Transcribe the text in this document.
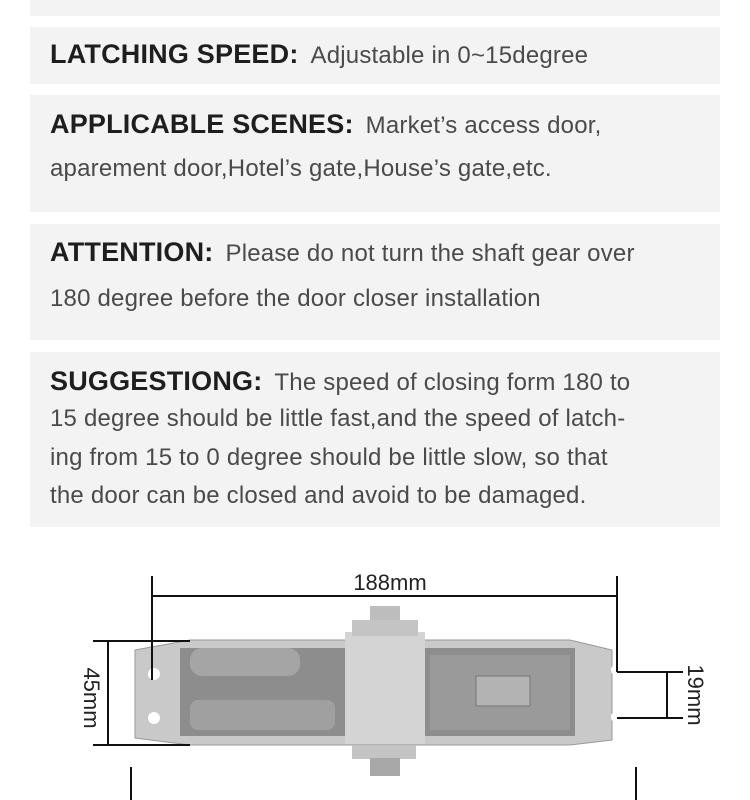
LATCHING SPEED: Adjustable in 0~15degree
APPLICABLE SCENES: Market’s access door,
aparement door,Hotel’s gate,House’s gate,etc.
ATTENTION: Please do not turn the shaft gear over
180 degree before the door closer installation
SUGGESTIONG: The speed of closing form 180 to
15 degree should be little fast,and the speed of latch-
ing from 15 to 0 degree should be little slow, so that
the door can be closed and avoid to be damaged.
188mm
45mm	19mm
